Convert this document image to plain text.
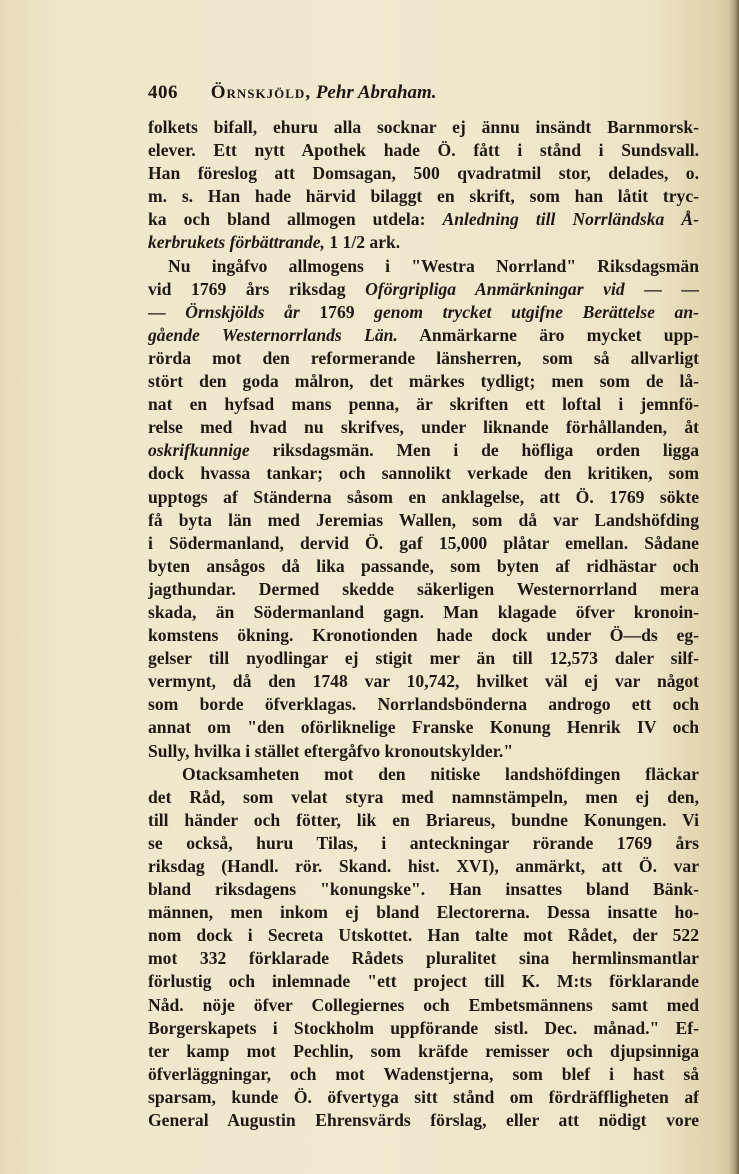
406 Örnskjöld, Pehr Abraham.
folkets bifall, ehuru alla socknar ej ännu insändt Barnmorsk-
elever. Ett nytt Apothek hade Ö. fått i stånd i Sundsvall.
Han föreslog att Domsagan, 500 qvadratmil stor, delades, o.
m. s. Han hade härvid bilaggt en skrift, som han låtit tryc-
ka och bland allmogen utdela: Anledning till Norrländska Å-
kerbrukets förbättrande, 1 1/2 ark.
Nu ingåfvo allmogens i "Westra Norrland" Riksdagsmän
vid 1769 års riksdag Oförgripliga Anmärkningar vid — —
— Örnskjölds år 1769 genom trycket utgifne Berättelse an-
gående Westernorrlands Län. Anmärkarne äro mycket upp-
rörda mot den reformerande länsherren, som så allvarligt
stört den goda målron, det märkes tydligt; men som de lå-
nat en hyfsad mans penna, är skriften ett loftal i jemnfö-
relse med hvad nu skrifves, under liknande förhållanden, åt
oskrifkunnige riksdagsmän. Men i de höfliga orden ligga
dock hvassa tankar; och sannolikt verkade den kritiken, som
upptogs af Ständerna såsom en anklagelse, att Ö. 1769 sökte
få byta län med Jeremias Wallen, som då var Landshöfding
i Södermanland, dervid Ö. gaf 15,000 plåtar emellan. Sådane
byten ansågos då lika passande, som byten af ridhästar och
jagthundar. Dermed skedde säkerligen Westernorrland mera
skada, än Södermanland gagn. Man klagade öfver kronoin-
komstens ökning. Kronotionden hade dock under Ö—ds eg-
gelser till nyodlingar ej stigit mer än till 12,573 daler silf-
vermynt, då den 1748 var 10,742, hvilket väl ej var något
som borde öfverklagas. Norrlandsbönderna androgo ett och
annat om "den oförliknelige Franske Konung Henrik IV och
Sully, hvilka i stället eftergåfvo kronoutskylder."
Otacksamheten mot den nitiske landshöfdingen fläckar
det Råd, som velat styra med namnstämpeln, men ej den,
till händer och fötter, lik en Briareus, bundne Konungen. Vi
se också, huru Tilas, i anteckningar rörande 1769 års
riksdag (Handl. rör. Skand. hist. XVI), anmärkt, att Ö. var
bland riksdagens "konungske". Han insattes bland Bänk-
männen, men inkom ej bland Electorerna. Dessa insatte ho-
nom dock i Secreta Utskottet. Han talte mot Rådet, der 522
mot 332 förklarade Rådets pluralitet sina hermlinsmantlar
förlustig och inlemnade "ett project till K. M:ts förklarande
Nåd. nöje öfver Collegiernes och Embetsmännens samt med
Borgerskapets i Stockholm uppförande sistl. Dec. månad." Ef-
ter kamp mot Pechlin, som kräfde remisser och djupsinniga
öfverläggningar, och mot Wadenstjerna, som blef i hast så
sparsam, kunde Ö. öfvertyga sitt stånd om fördräffligheten af
General Augustin Ehrensvärds förslag, eller att nödigt vore
